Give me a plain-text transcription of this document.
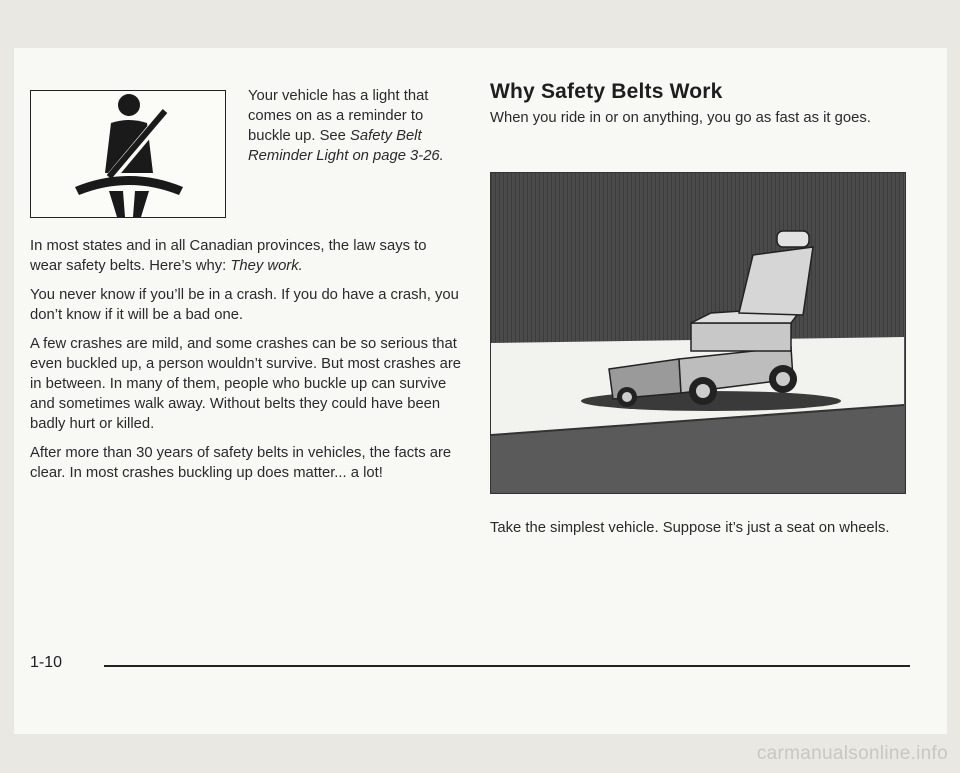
Your vehicle has a light that comes on as a reminder to buckle up. See Safety Belt Reminder Light on page 3-26.

In most states and in all Canadian provinces, the law says to wear safety belts. Here’s why: They work.

You never know if you’ll be in a crash. If you do have a crash, you don’t know if it will be a bad one.

A few crashes are mild, and some crashes can be so serious that even buckled up, a person wouldn’t survive. But most crashes are in between. In many of them, people who buckle up can survive and sometimes walk away. Without belts they could have been badly hurt or killed.

After more than 30 years of safety belts in vehicles, the facts are clear. In most crashes buckling up does matter... a lot!

Why Safety Belts Work

When you ride in or on anything, you go as fast as it goes.

Take the simplest vehicle. Suppose it’s just a seat on wheels.
1-10
carmanualsonline.info
